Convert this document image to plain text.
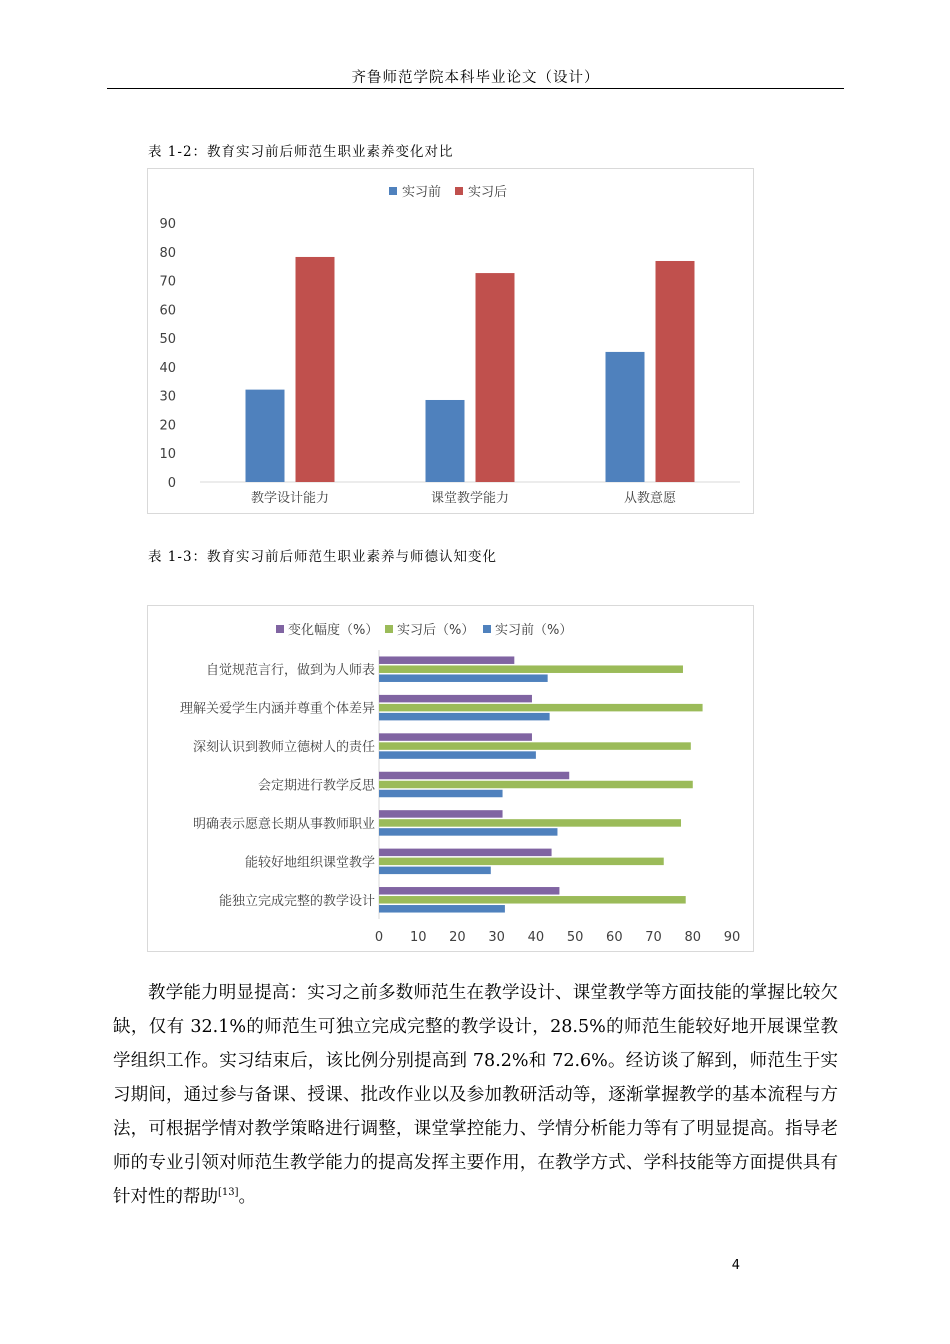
齐鲁师范学院本科毕业论文（设计）
表 1-2：教育实习前后师范生职业素养变化对比
实习前 实习后
0
10
20
30
40
50
60
70
80
90
教学设计能力	课堂教学能力	从教意愿
表 1-3：教育实习前后师范生职业素养与师德认知变化
变化幅度（%） 实习后（%） 实习前（%）
自觉规范言行，做到为人师表
理解关爱学生内涵并尊重个体差异
深刻认识到教师立德树人的责任
会定期进行教学反思
明确表示愿意长期从事教师职业
能较好地组织课堂教学
能独立完成完整的教学设计
0 10 20 30 40 50 60 70 80 90

教学能力明显提高：实习之前多数师范生在教学设计、课堂教学等方面技能的掌握比较欠缺，仅有 32.1%的师范生可独立完成完整的教学设计，28.5%的师范生能较好地开展课堂教学组织工作。实习结束后，该比例分别提高到 78.2%和 72.6%。经访谈了解到，师范生于实习期间，通过参与备课、授课、批改作业以及参加教研活动等，逐渐掌握教学的基本流程与方法，可根据学情对教学策略进行调整，课堂掌控能力、学情分析能力等有了明显提高。指导老师的专业引领对师范生教学能力的提高发挥主要作用，在教学方式、学科技能等方面提供具有针对性的帮助[13]。

4
